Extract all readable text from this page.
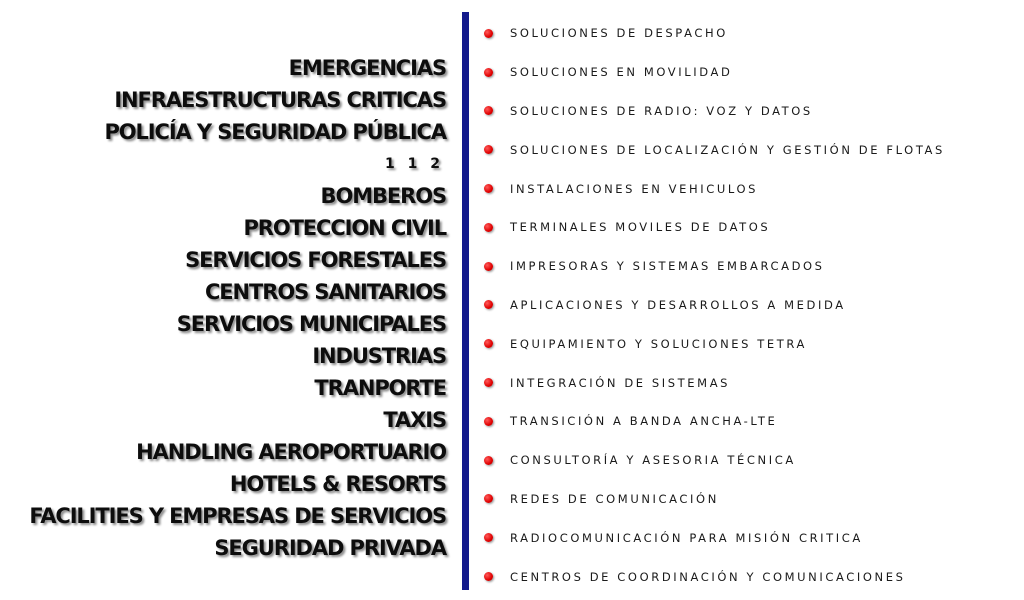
EMERGENCIAS
INFRAESTRUCTURAS CRITICAS
POLICÍA Y SEGURIDAD PÚBLICA
1 1 2
BOMBEROS
PROTECCION CIVIL
SERVICIOS FORESTALES
CENTROS SANITARIOS
SERVICIOS MUNICIPALES
INDUSTRIAS
TRANPORTE
TAXIS
HANDLING AEROPORTUARIO
HOTELS & RESORTS
FACILITIES Y EMPRESAS DE SERVICIOS
SEGURIDAD PRIVADA
SOLUCIONES DE DESPACHO
SOLUCIONES EN MOVILIDAD
SOLUCIONES DE RADIO: VOZ Y DATOS
SOLUCIONES DE LOCALIZACIÓN Y GESTIÓN DE FLOTAS
INSTALACIONES EN VEHICULOS
TERMINALES MOVILES DE DATOS
IMPRESORAS Y SISTEMAS EMBARCADOS
APLICACIONES Y DESARROLLOS A MEDIDA
EQUIPAMIENTO Y SOLUCIONES TETRA
INTEGRACIÓN DE SISTEMAS
TRANSICIÓN A BANDA ANCHA-LTE
CONSULTORÍA Y ASESORIA TÉCNICA
REDES DE COMUNICACIÓN
RADIOCOMUNICACIÓN PARA MISIÓN CRITICA
CENTROS DE COORDINACIÓN Y COMUNICACIONES
